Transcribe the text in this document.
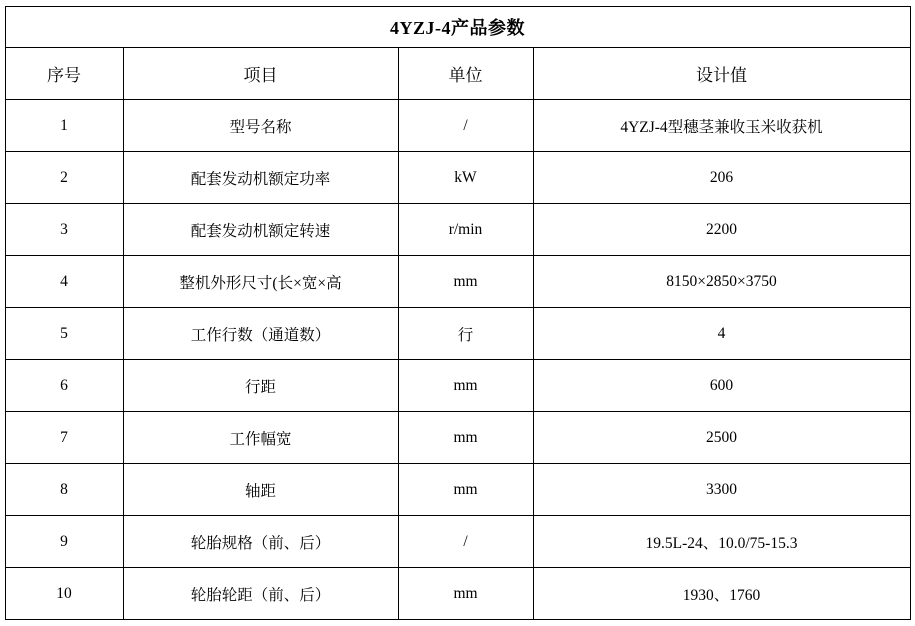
4YZJ-4产品参数			
序号	项目	单位	设计值
1	型号名称	/	4YZJ-4型穗茎兼收玉米收获机
2	配套发动机额定功率	kW	206
3	配套发动机额定转速	r/min	2200
4	整机外形尺寸(长×宽×高	mm	8150×2850×3750
5	工作行数（通道数）	行	4
6	行距	mm	600
7	工作幅宽	mm	2500
8	轴距	mm	3300
9	轮胎规格（前、后）	/	19.5L-24、10.0/75-15.3
10	轮胎轮距（前、后）	mm	1930、1760
